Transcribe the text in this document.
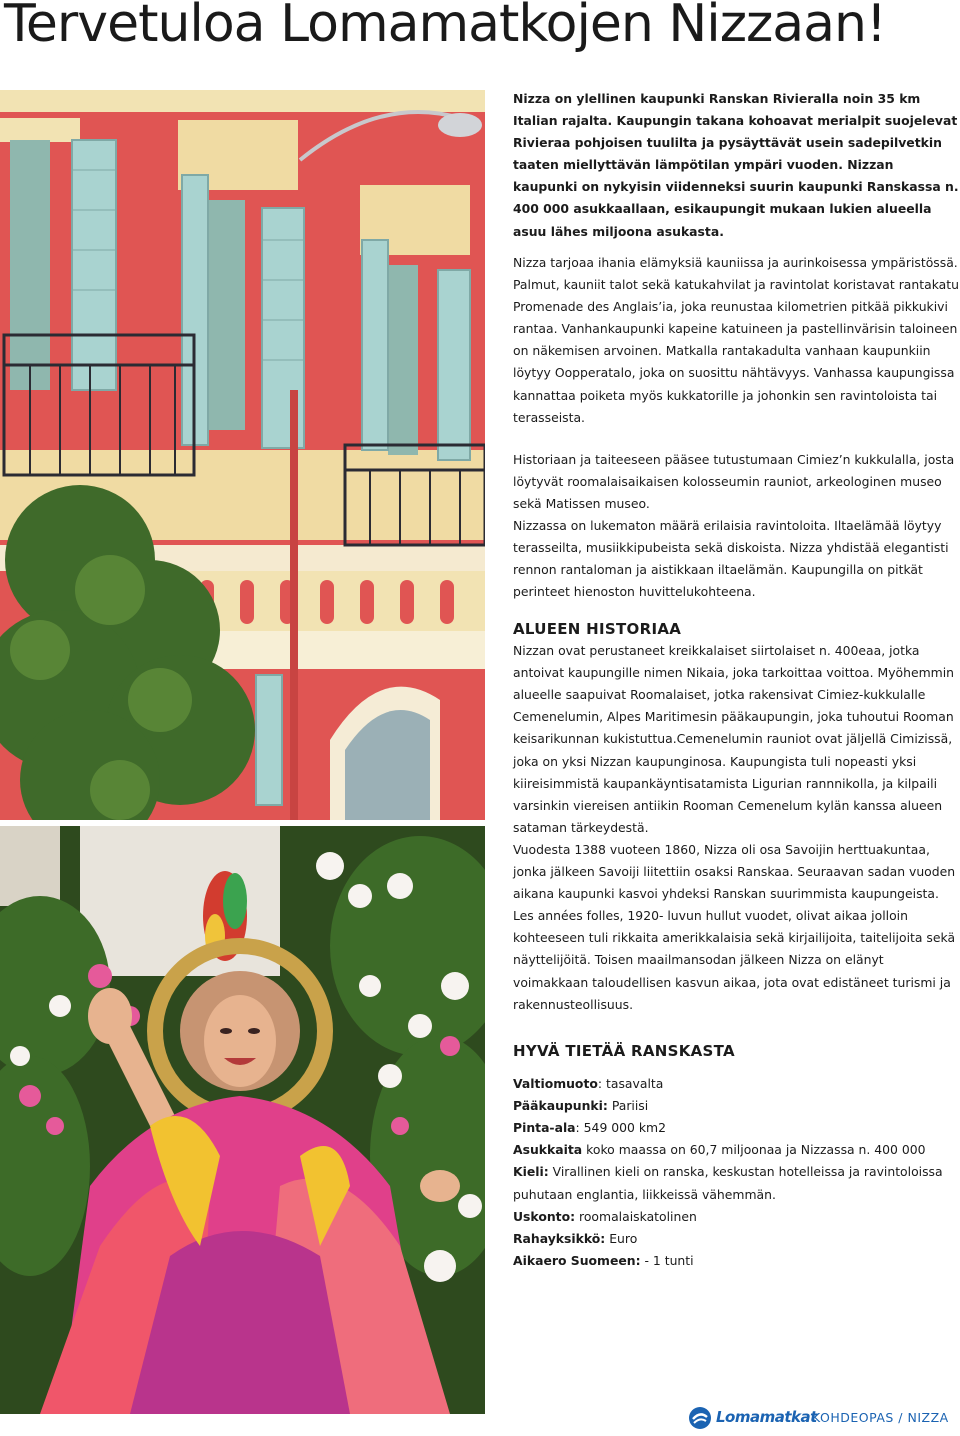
Tervetuloa Lomamatkojen Nizzaan!

Nizza on ylellinen kaupunki Ranskan Rivieralla noin 35 km Italian rajalta. Kaupungin takana kohoavat merialpit suojelevat Rivieraa pohjoisen tuulilta ja pysäyttävät usein sadepilvetkin taaten miellyttävän lämpötilan ympäri vuoden. Nizzan kaupunki on nykyisin viidenneksi suurin kaupunki Ranskassa n. 400 000 asukkaallaan, esikaupungit mukaan lukien alueella asuu lähes miljoona asukasta.

Nizza tarjoaa ihania elämyksiä kauniissa ja aurinkoisessa ympäristössä. Palmut, kauniit talot sekä katukahvilat ja ravintolat koristavat rantakatu Promenade des Anglais’ia, joka reunustaa kilometrien pitkää pikkukivi rantaa. Vanhankaupunki kapeine katuineen ja pastellinvärisin taloineen on näkemisen arvoinen. Matkalla rantakadulta vanhaan kaupunkiin löytyy Oopperatalo, joka on suosittu nähtävyys. Vanhassa kaupungissa kannattaa poiketa myös kukkatorille ja johonkin sen ravintoloista tai terasseista.

Historiaan ja taiteeseen pääsee tutustumaan Cimiez’n kukkulalla, josta löytyvät roomalaisaikaisen kolosseumin rauniot, arkeologinen museo sekä Matissen museo.

Nizzassa on lukematon määrä erilaisia ravintoloita. Iltaelämää löytyy terasseilta, musiikkipubeista sekä diskoista. Nizza yhdistää elegantisti rennon rantaloman ja aistikkaan iltaelämän. Kaupungilla on pitkät perinteet hienoston huvittelukohteena.

ALUEEN HISTORIAA

Nizzan ovat perustaneet kreikkalaiset siirtolaiset n. 400eaa, jotka antoivat kaupungille nimen Nikaia, joka tarkoittaa voittoa. Myöhemmin alueelle saapuivat Roomalaiset, jotka rakensivat Cimiez-kukkulalle Cemenelumin, Alpes Maritimesin pääkaupungin, joka tuhoutui Rooman keisarikunnan kukistuttua.Cemenelumin rauniot ovat jäljellä Cimizissä, joka on yksi Nizzan kaupunginosa. Kaupungista tuli nopeasti yksi kiireisimmistä kaupankäyntisatamista Ligurian rannnikolla, ja kilpaili varsinkin viereisen antiikin Rooman Cemenelum kylän kanssa alueen sataman tärkeydestä.

Vuodesta 1388 vuoteen 1860, Nizza oli osa Savoijin herttuakuntaa, jonka jälkeen Savoiji liitettiin osaksi Ranskaa. Seuraavan sadan vuoden aikana kaupunki kasvoi yhdeksi Ranskan suurimmista kaupungeista. Les années folles, 1920- luvun hullut vuodet, olivat aikaa jolloin kohteeseen tuli rikkaita amerikkalaisia sekä kirjailijoita, taitelijoita sekä näyttelijöitä. Toisen maailmansodan jälkeen Nizza on elänyt voimakkaan taloudellisen kasvun aikaa, jota ovat edistäneet turismi ja rakennusteollisuus.

HYVÄ TIETÄÄ RANSKASTA

Valtiomuoto: tasavalta

Pääkaupunki: Pariisi

Pinta-ala: 549 000 km2

Asukkaita koko maassa on 60,7 miljoonaa ja Nizzassa n. 400 000

Kieli: Virallinen kieli on ranska, keskustan hotelleissa ja ravintoloissa puhutaan englantia, liikkeissä vähemmän.

Uskonto: roomalaiskatolinen

Rahayksikkö: Euro

Aikaero Suomeen: - 1 tunti

Lomamatkat
KOHDEOPAS / NIZZA
